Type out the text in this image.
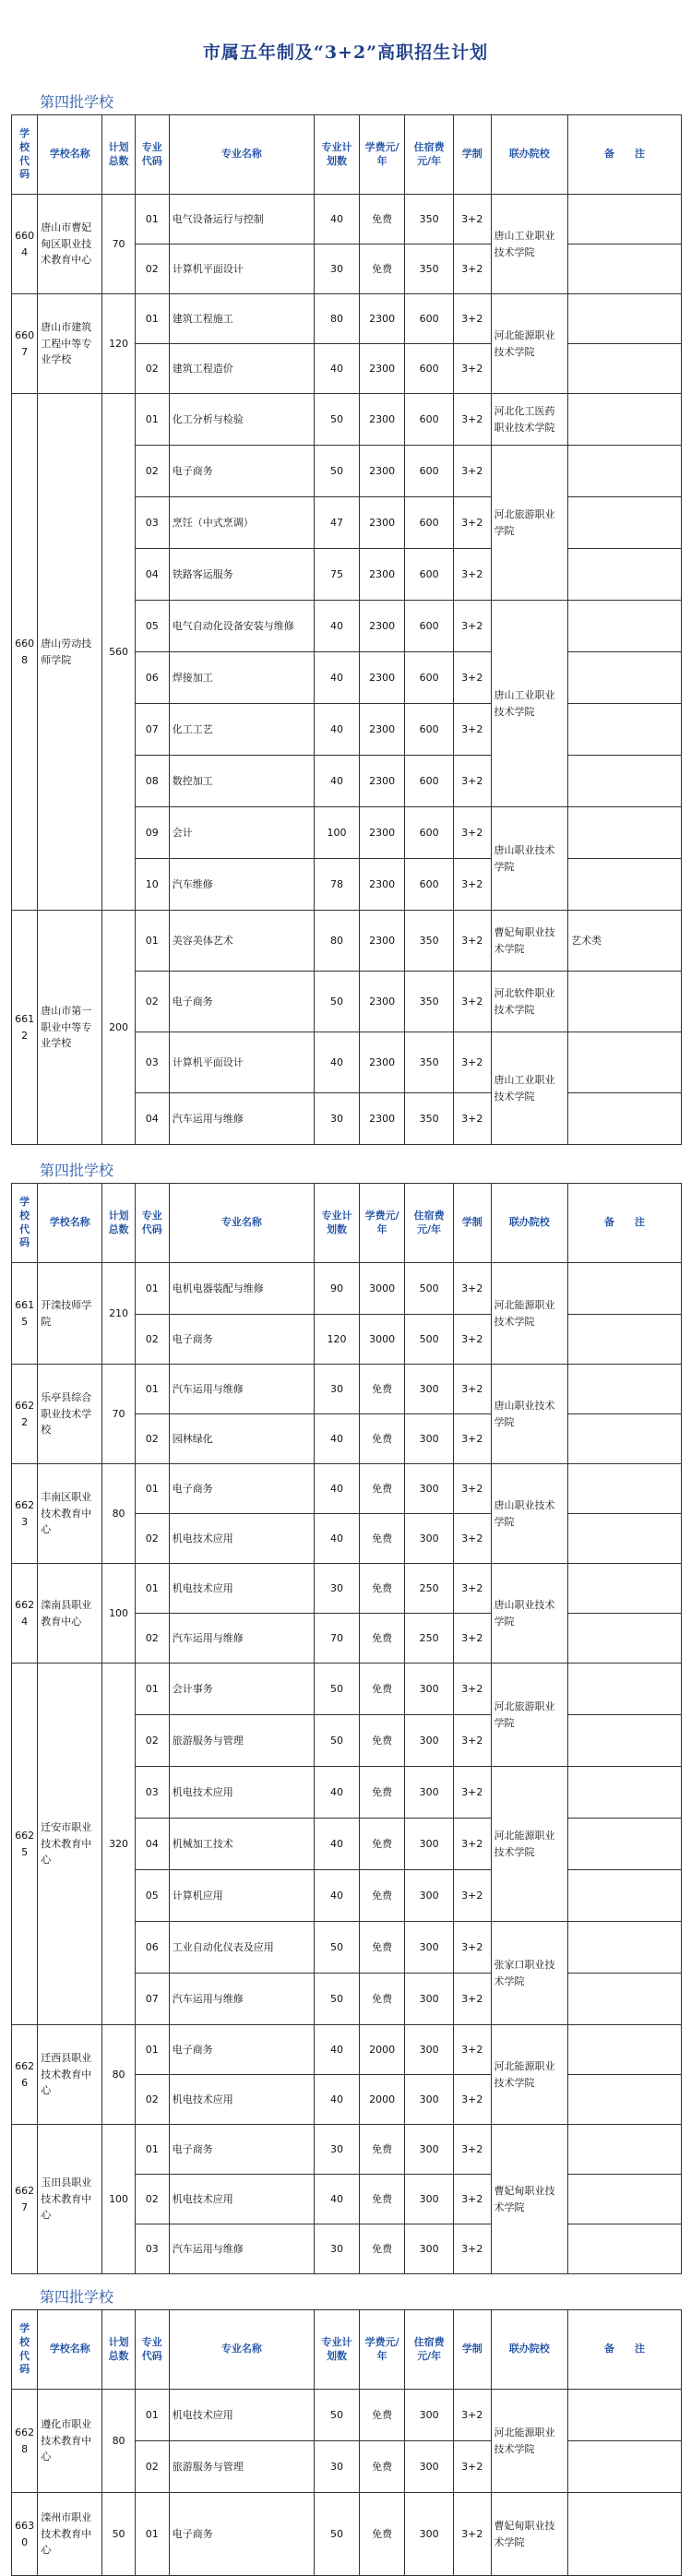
市属五年制及“3+2”高职招生计划
第四批学校
学校代码	学校名称	计划总数	专业代码	专业名称	专业计划数	学费元/年	住宿费元/年	学制	联办院校	备　　注
6604	唐山市曹妃甸区职业技术教育中心	70	01	电气设备运行与控制	40	免费	350	3+2	唐山工业职业技术学院	
			02	计算机平面设计	30	免费	350	3+2		
6607	唐山市建筑工程中等专业学校	120	01	建筑工程施工	80	2300	600	3+2	河北能源职业技术学院	
			02	建筑工程造价	40	2300	600	3+2		
6608	唐山劳动技师学院	560	01	化工分析与检验	50	2300	600	3+2	河北化工医药职业技术学院	
			02	电子商务	50	2300	600	3+2	河北旅游职业学院	
			03	烹饪（中式烹调）	47	2300	600	3+2		
			04	铁路客运服务	75	2300	600	3+2		
			05	电气自动化设备安装与维修	40	2300	600	3+2	唐山工业职业技术学院	
			06	焊接加工	40	2300	600	3+2		
			07	化工工艺	40	2300	600	3+2		
			08	数控加工	40	2300	600	3+2		
			09	会计	100	2300	600	3+2	唐山职业技术学院	
			10	汽车维修	78	2300	600	3+2		
6612	唐山市第一职业中等专业学校	200	01	美容美体艺术	80	2300	350	3+2	曹妃甸职业技术学院	艺术类
			02	电子商务	50	2300	350	3+2	河北软件职业技术学院	
			03	计算机平面设计	40	2300	350	3+2	唐山工业职业技术学院	
			04	汽车运用与维修	30	2300	350	3+2		
第四批学校
学校代码	学校名称	计划总数	专业代码	专业名称	专业计划数	学费元/年	住宿费元/年	学制	联办院校	备　　注
6615	开滦技师学院	210	01	电机电器装配与维修	90	3000	500	3+2	河北能源职业技术学院	
			02	电子商务	120	3000	500	3+2		
6622	乐亭县综合职业技术学校	70	01	汽车运用与维修	30	免费	300	3+2	唐山职业技术学院	
			02	园林绿化	40	免费	300	3+2		
6623	丰南区职业技术教育中心	80	01	电子商务	40	免费	300	3+2	唐山职业技术学院	
			02	机电技术应用	40	免费	300	3+2		
6624	滦南县职业教育中心	100	01	机电技术应用	30	免费	250	3+2	唐山职业技术学院	
			02	汽车运用与维修	70	免费	250	3+2		
6625	迁安市职业技术教育中心	320	01	会计事务	50	免费	300	3+2	河北旅游职业学院	
			02	旅游服务与管理	50	免费	300	3+2		
			03	机电技术应用	40	免费	300	3+2	河北能源职业技术学院	
			04	机械加工技术	40	免费	300	3+2		
			05	计算机应用	40	免费	300	3+2		
			06	工业自动化仪表及应用	50	免费	300	3+2	张家口职业技术学院	
			07	汽车运用与维修	50	免费	300	3+2		
6626	迁西县职业技术教育中心	80	01	电子商务	40	2000	300	3+2	河北能源职业技术学院	
			02	机电技术应用	40	2000	300	3+2		
6627	玉田县职业技术教育中心	100	01	电子商务	30	免费	300	3+2	曹妃甸职业技术学院	
			02	机电技术应用	40	免费	300	3+2		
			03	汽车运用与维修	30	免费	300	3+2		
第四批学校
学校代码	学校名称	计划总数	专业代码	专业名称	专业计划数	学费元/年	住宿费元/年	学制	联办院校	备　　注
6628	遵化市职业技术教育中心	80	01	机电技术应用	50	免费	300	3+2	河北能源职业技术学院	
			02	旅游服务与管理	30	免费	300	3+2		
6630	滦州市职业技术教育中心	50	01	电子商务	50	免费	300	3+2	曹妃甸职业技术学院	
